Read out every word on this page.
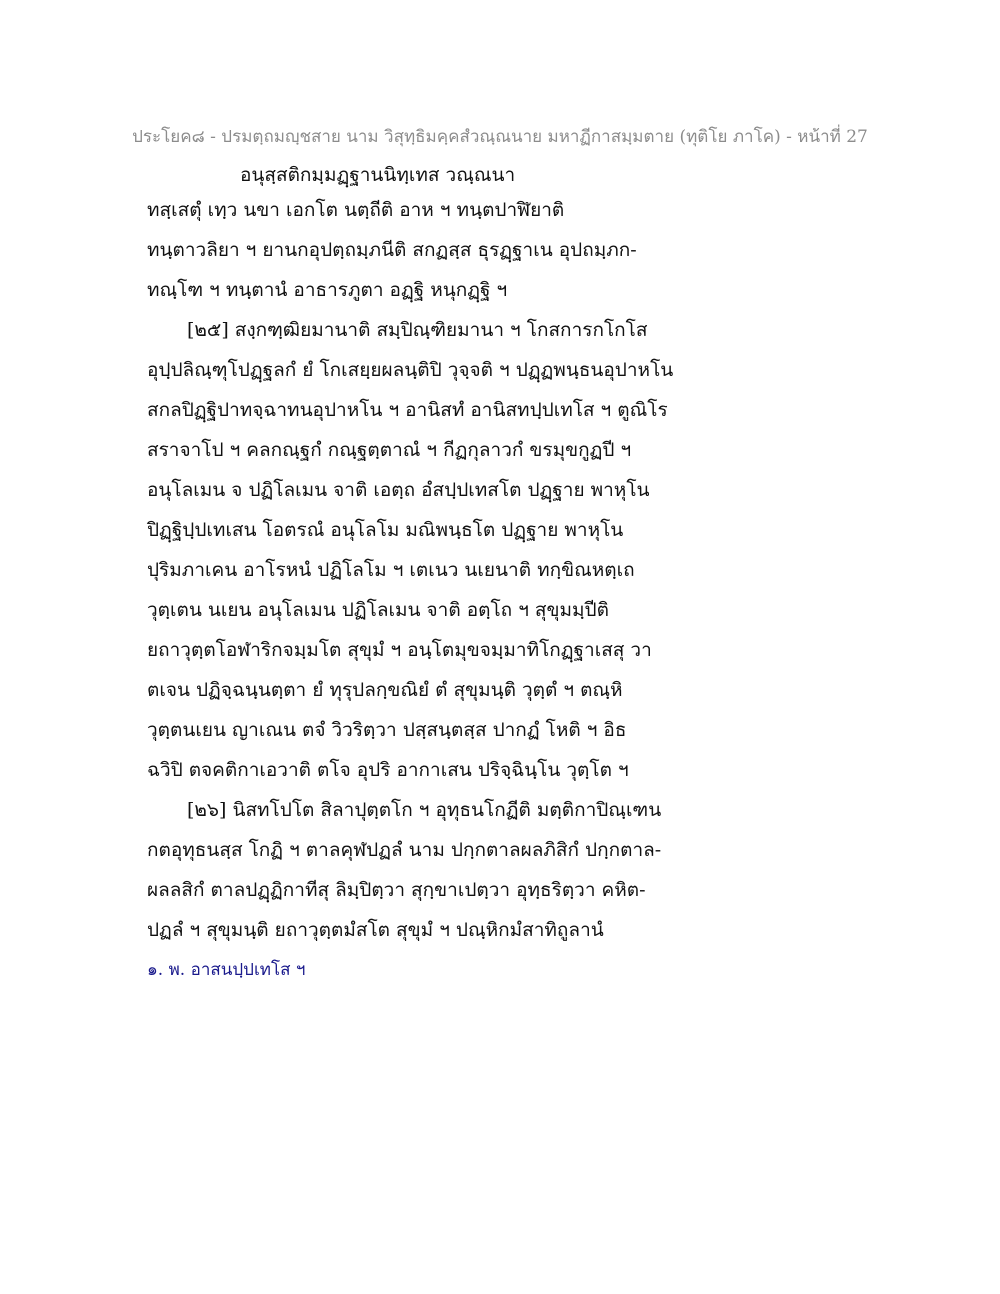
ประโยค๘ - ปรมตฺถมญฺชสาย นาม วิสุทฺธิมคฺคสํวณฺณนาย มหาฏีกาสมฺมตาย (ทุติโย ภาโค) - หน้าที่ 27
อนุสฺสติกมฺมฏฺฐานนิทฺเทส วณฺณนา
ทสฺเสตุํ เทฺว นขา เอกโต นตฺถีติ อาห ฯ ทนฺตปาฬิยาติ
ทนฺตาวลิยา ฯ ยานกอุปตฺถมฺภนีติ สกฏสฺส ธุรฏฺฐาเน อุปถมฺภก-
ทณฺโฑ ฯ ทนฺตานํ อาธารภูตา อฏฺฐิ หนุกฏฺฐิ ฯ
[๒๕] สงฺกฑฺฒิยมานาติ สมฺปิณฺฑิยมานา ฯ โกสการกโกโส
อุปฺปลิณฺฑุโปฏฺฐลกํ ยํ โกเสยฺยผลนฺติปิ วุจฺจติ ฯ ปฏฺฏพนฺธนอุปาหโน
สกลปิฏฺฐิปาทจฺฉาทนอุปาหโน ฯ อานิสทํ อานิสทปฺปเทโส ฯ ตูณิโร
สราจาโป ฯ คลกณฺฐกํ กณฺฐตฺตาณํ ฯ กีฏกุลาวกํ ขรมุขกูฏปี ฯ
อนุโลเมน จ ปฏิโลเมน จาติ เอตฺถ อํสปฺปเทสโต ปฏฺฐาย พาหุโน
ปิฏฺฐิปฺปเทเสน โอตรณํ อนุโลโม มณิพนฺธโต ปฏฺฐาย พาหุโน
ปุริมภาเคน อาโรหนํ ปฏิโลโม ฯ เตเนว นเยนาติ ทกฺขิณหตฺเถ
วุตฺเตน นเยน อนุโลเมน ปฏิโลเมน จาติ อตฺโถ ฯ สุขุมมฺปีติ
ยถาวุตฺตโอฬาริกจมฺมโต สุขุมํ ฯ อนฺโตมุขจมฺมาทิโกฏฺฐาเสสุ วา
ตเจน ปฏิจฺฉนฺนตฺตา ยํ ทุรุปลกฺขณิยํ ตํ สุขุมนฺติ วุตฺตํ ฯ ตณฺหิ
วุตฺตนเยน ญาเณน ตจํ วิวริตฺวา ปสฺสนฺตสฺส ปากฏํ โหติ ฯ อิธ
ฉวิปิ ตจคติกาเอวาติ ตโจ อุปริ อากาเสน ปริจฺฉินฺโน วุตฺโต ฯ
[๒๖] นิสทโปโต สิลาปุตฺตโก ฯ อุทุธนโกฏีติ มตฺติกาปิณฺเฑน
กตอุทุธนสฺส โกฏิ ฯ ตาลคุฬปฏลํ นาม ปกฺกตาลผลภิสิกํ ปกฺกตาล-
ผลลสิกํ ตาลปฏฺฏิกาทีสุ ลิมฺปิตฺวา สุกฺขาเปตฺวา อุทฺธริตฺวา คหิต-
ปฏลํ ฯ สุขุมนฺติ ยถาวุตฺตมํสโต สุขุมํ ฯ ปณฺหิกมํสาทิถูลานํ
๑. พ. อาสนปฺปเทโส ฯ
